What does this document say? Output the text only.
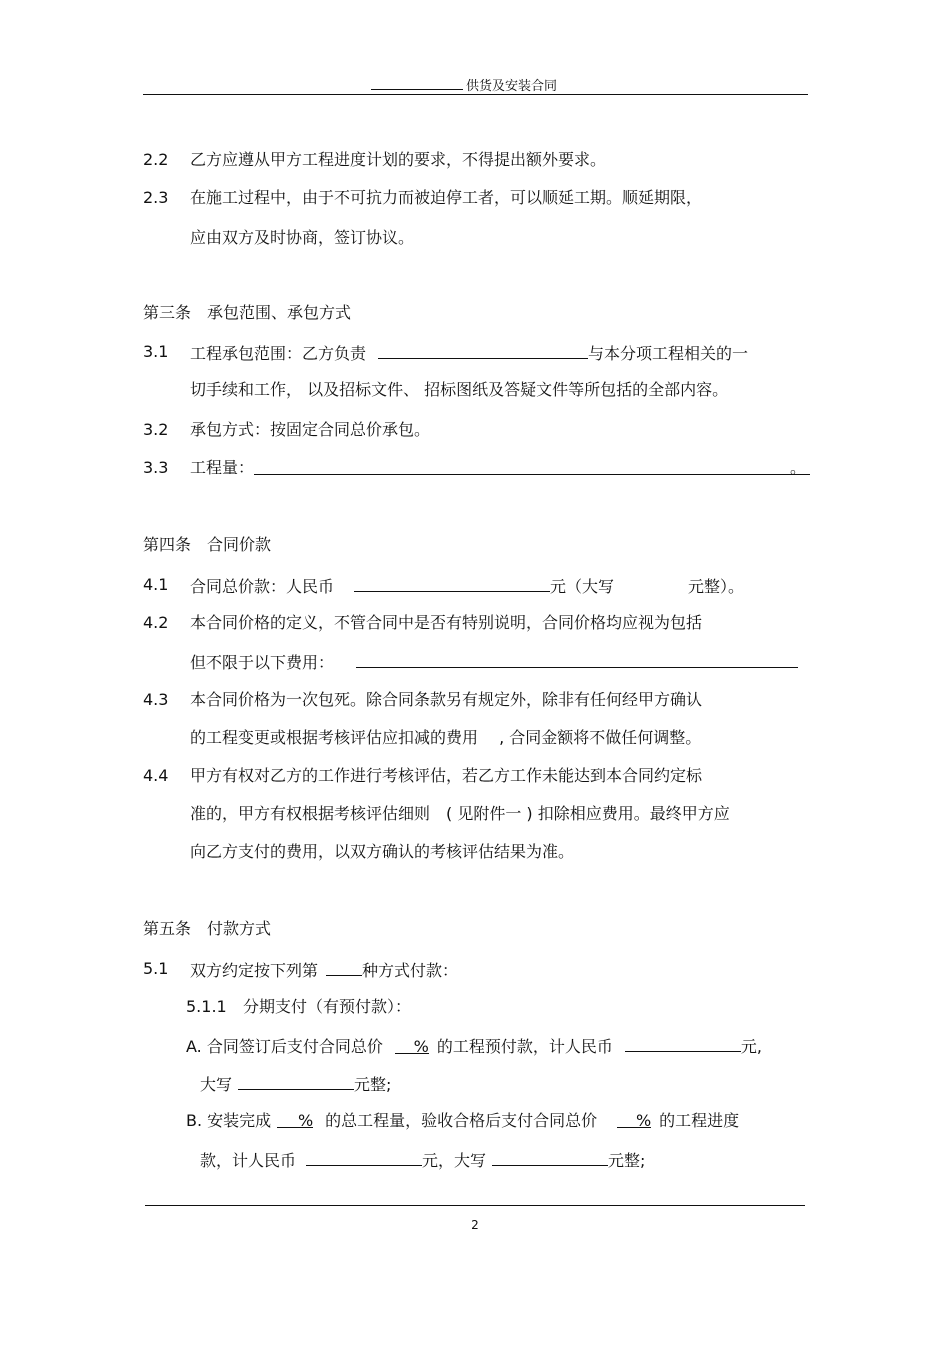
供货及安装合同
2.2 乙方应遵从甲方工程进度计划的要求，不得提出额外要求。
2.3 在施工过程中，由于不可抗力而被迫停工者，可以顺延工期。顺延期限，
应由双方及时协商，签订协议。
第三条　承包范围、承包方式
3.1 工程承包范围：乙方负责	与本分项工程相关的一
切手续和工作， 以及招标文件、 招标图纸及答疑文件等所包括的全部内容。
3.2 承包方式：按固定合同总价承包。
3.3 工程量：	。
第四条　合同价款
4.1 合同总价款：人民币	元（大写	元整）。
4.2 本合同价格的定义，不管合同中是否有特别说明，合同价格均应视为包括
但不限于以下费用：
4.3 本合同价格为一次包死。除合同条款另有规定外，除非有任何经甲方确认
的工程变更或根据考核评估应扣减的费用　 , 合同金额将不做任何调整。
4.4 甲方有权对乙方的工作进行考核评估，若乙方工作未能达到本合同约定标
准的，甲方有权根据考核评估细则　( 见附件一 ) 扣除相应费用。最终甲方应
向乙方支付的费用，以双方确认的考核评估结果为准。
第五条　付款方式
5.1 双方约定按下列第	种方式付款：
5.1.1 分期支付（有预付款）：
A. 合同签订后支付合同总价 % 的工程预付款，计人民币	元,
大写	元整;
B. 安装完成 % 的总工程量，验收合格后支付合同总价 % 的工程进度
款，计人民币	元，大写	元整;
2
